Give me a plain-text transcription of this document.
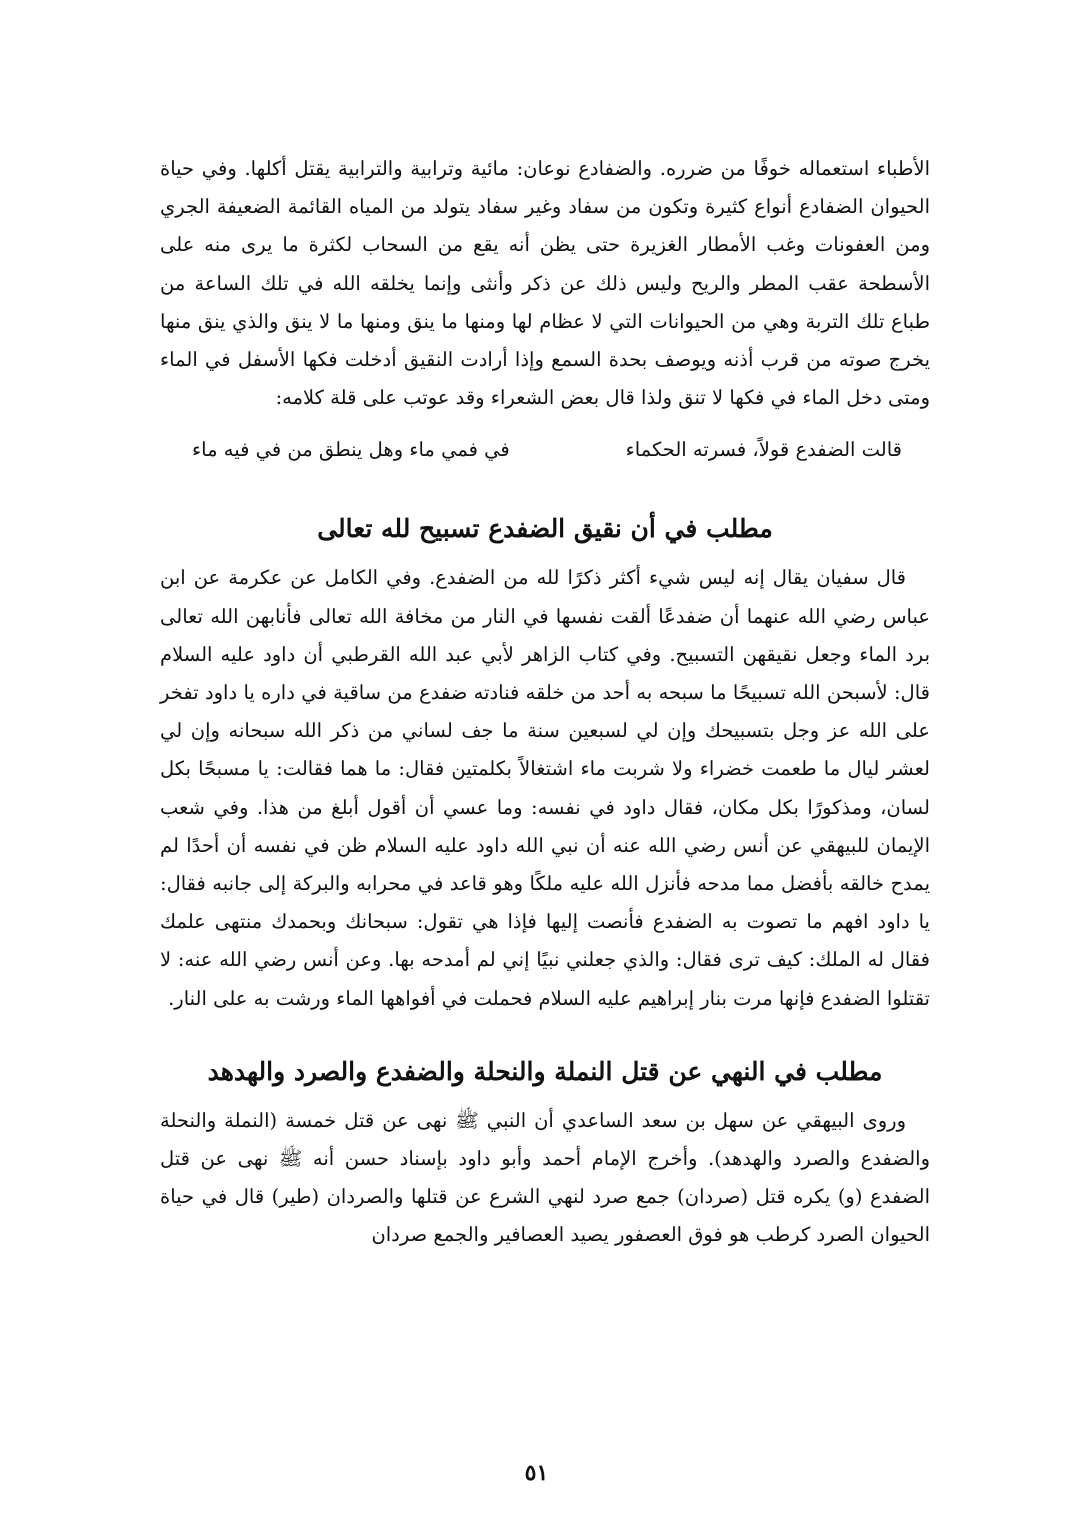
الأطباء استعماله خوفًا من ضرره. والضفادع نوعان: مائية وترابية والترابية يقتل أكلها. وفي حياة الحيوان الضفادع أنواع كثيرة وتكون من سفاد وغير سفاد يتولد من المياه القائمة الضعيفة الجري ومن العفونات وغب الأمطار الغزيرة حتى يظن أنه يقع من السحاب لكثرة ما يرى منه على الأسطحة عقب المطر والريح وليس ذلك عن ذكر وأنثى وإنما يخلقه الله في تلك الساعة من طباع تلك التربة وهي من الحيوانات التي لا عظام لها ومنها ما ينق ومنها ما لا ينق والذي ينق منها يخرج صوته من قرب أذنه ويوصف بحدة السمع وإذا أرادت النقيق أدخلت فكها الأسفل في الماء ومتى دخل الماء في فكها لا تنق ولذا قال بعض الشعراء وقد عوتب على قلة كلامه:

قالت الضفدع قولاً، فسرته الحكماء
في فمي ماء وهل ينطق من في فيه ماء
مطلب في أن نقيق الضفدع تسبيح لله تعالى

قال سفيان يقال إنه ليس شيء أكثر ذكرًا لله من الضفدع. وفي الكامل عن عكرمة عن ابن عباس رضي الله عنهما أن ضفدعًا ألقت نفسها في النار من مخافة الله تعالى فأنابهن الله تعالى برد الماء وجعل نقيقهن التسبيح. وفي كتاب الزاهر لأبي عبد الله القرطبي أن داود عليه السلام قال: لأسبحن الله تسبيحًا ما سبحه به أحد من خلقه فنادته ضفدع من ساقية في داره يا داود تفخر على الله عز وجل بتسبيحك وإن لي لسبعين سنة ما جف لساني من ذكر الله سبحانه وإن لي لعشر ليال ما طعمت خضراء ولا شربت ماء اشتغالاً بكلمتين فقال: ما هما فقالت: يا مسبحًا بكل لسان، ومذكورًا بكل مكان، فقال داود في نفسه: وما عسي أن أقول أبلغ من هذا. وفي شعب الإيمان للبيهقي عن أنس رضي الله عنه أن نبي الله داود عليه السلام ظن في نفسه أن أحدًا لم يمدح خالقه بأفضل مما مدحه فأنزل الله عليه ملكًا وهو قاعد في محرابه والبركة إلى جانبه فقال: يا داود افهم ما تصوت به الضفدع فأنصت إليها فإذا هي تقول: سبحانك وبحمدك منتهى علمك فقال له الملك: كيف ترى فقال: والذي جعلني نبيًا إني لم أمدحه بها. وعن أنس رضي الله عنه: لا تقتلوا الضفدع فإنها مرت بنار إبراهيم عليه السلام فحملت في أفواهها الماء ورشت به على النار.

مطلب في النهي عن قتل النملة والنحلة والضفدع والصرد والهدهد

وروى البيهقي عن سهل بن سعد الساعدي أن النبي ﷺ نهى عن قتل خمسة (النملة والنحلة والضفدع والصرد والهدهد). وأخرج الإمام أحمد وأبو داود بإسناد حسن أنه ﷺ نهى عن قتل الضفدع (و) يكره قتل (صردان) جمع صرد لنهي الشرع عن قتلها والصردان (طير) قال في حياة الحيوان الصرد كرطب هو فوق العصفور يصيد العصافير والجمع صردان

٥١
